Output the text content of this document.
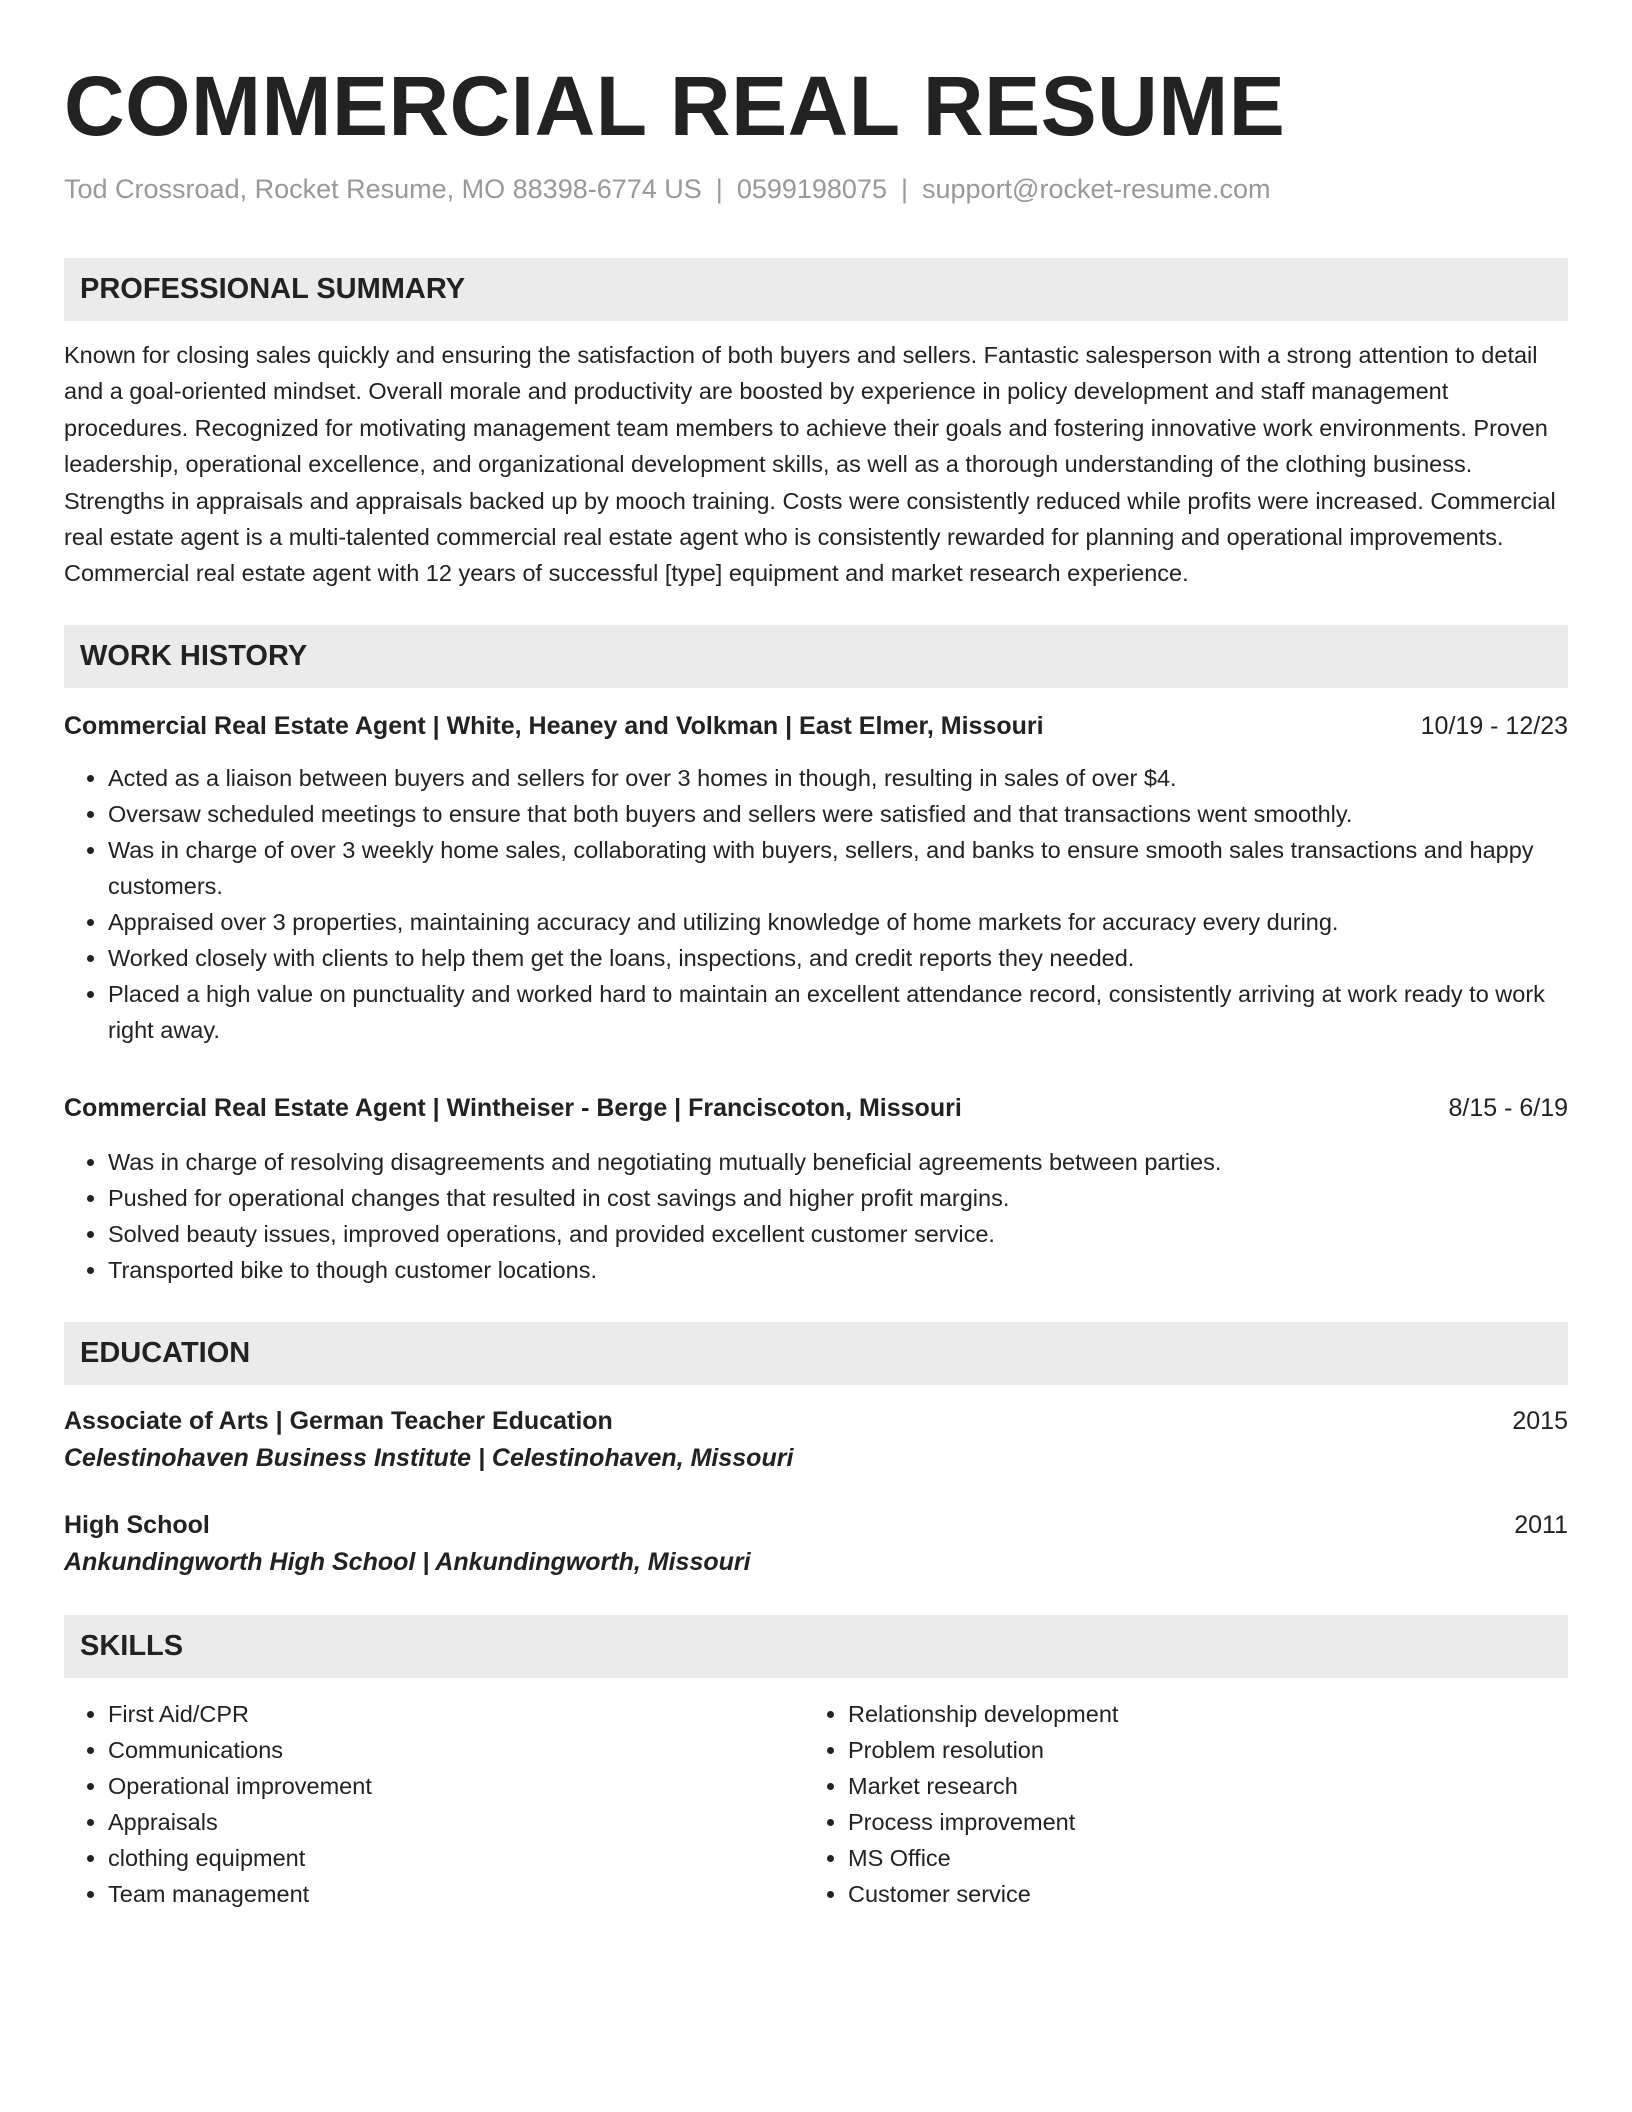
COMMERCIAL REAL RESUME
Tod Crossroad, Rocket Resume, MO 88398-6774 US | 0599198075 | support@rocket-resume.com
PROFESSIONAL SUMMARY
Known for closing sales quickly and ensuring the satisfaction of both buyers and sellers. Fantastic salesperson with a strong attention to detail and a goal-oriented mindset. Overall morale and productivity are boosted by experience in policy development and staff management procedures. Recognized for motivating management team members to achieve their goals and fostering innovative work environments. Proven leadership, operational excellence, and organizational development skills, as well as a thorough understanding of the clothing business. Strengths in appraisals and appraisals backed up by mooch training. Costs were consistently reduced while profits were increased. Commercial real estate agent is a multi-talented commercial real estate agent who is consistently rewarded for planning and operational improvements. Commercial real estate agent with 12 years of successful [type] equipment and market research experience.
WORK HISTORY
Commercial Real Estate Agent | White, Heaney and Volkman | East Elmer, Missouri	10/19 - 12/23
• Acted as a liaison between buyers and sellers for over 3 homes in though, resulting in sales of over $4.
• Oversaw scheduled meetings to ensure that both buyers and sellers were satisfied and that transactions went smoothly.
• Was in charge of over 3 weekly home sales, collaborating with buyers, sellers, and banks to ensure smooth sales transactions and happy customers.
• Appraised over 3 properties, maintaining accuracy and utilizing knowledge of home markets for accuracy every during.
• Worked closely with clients to help them get the loans, inspections, and credit reports they needed.
• Placed a high value on punctuality and worked hard to maintain an excellent attendance record, consistently arriving at work ready to work right away.
Commercial Real Estate Agent | Wintheiser - Berge | Franciscoton, Missouri	8/15 - 6/19
• Was in charge of resolving disagreements and negotiating mutually beneficial agreements between parties.
• Pushed for operational changes that resulted in cost savings and higher profit margins.
• Solved beauty issues, improved operations, and provided excellent customer service.
• Transported bike to though customer locations.
EDUCATION
Associate of Arts | German Teacher Education	2015
Celestinohaven Business Institute | Celestinohaven, Missouri
High School	2011
Ankundingworth High School | Ankundingworth, Missouri
SKILLS
• First Aid/CPR
• Communications
• Operational improvement
• Appraisals
• clothing equipment
• Team management
• Relationship development
• Problem resolution
• Market research
• Process improvement
• MS Office
• Customer service
